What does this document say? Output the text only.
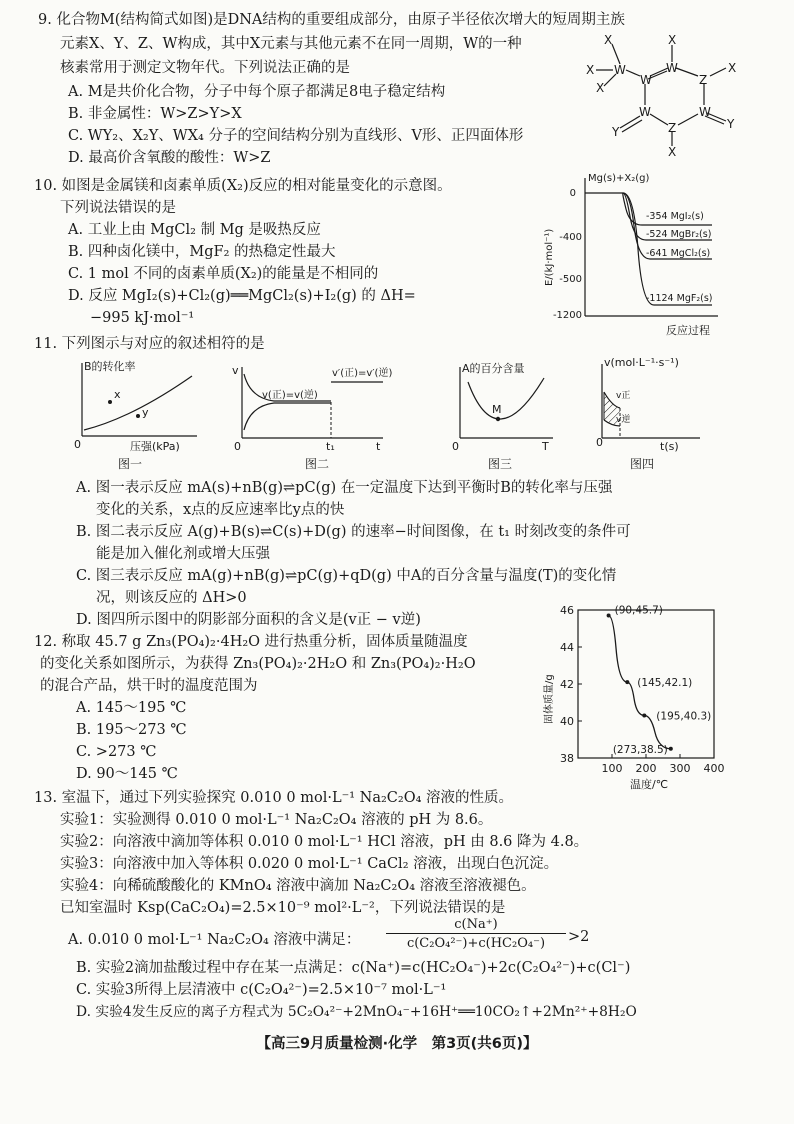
9. 化合物M(结构简式如图)是DNA结构的重要组成部分，由原子半径依次增大的短周期主族
元素X、Y、Z、W构成，其中X元素与其他元素不在同一周期，W的一种
核素常用于测定文物年代。下列说法正确的是
A. M是共价化合物，分子中每个原子都满足8电子稳定结构
B. 非金属性：W>Z>Y>X
C. WY₂、X₂Y、WX₄ 分子的空间结构分别为直线形、V形、正四面体形
D. 最高价含氧酸的酸性：W>Z
X
X
X
W
W
W
Z
Z
W	W
X
Y
Y
X
X
10. 如图是金属镁和卤素单质(X₂)反应的相对能量变化的示意图。
下列说法错误的是
A. 工业上由 MgCl₂ 制 Mg 是吸热反应
B. 四种卤化镁中，MgF₂ 的热稳定性最大
C. 1 mol 不同的卤素单质(X₂)的能量是不相同的
D. 反应 MgI₂(s)+Cl₂(g)══MgCl₂(s)+I₂(g) 的 ΔH=
−995 kJ·mol⁻¹
Mg(s)+X₂(g)
反应过程
E/(kJ·mol⁻¹)
0
-400
-500
-1200
-354 MgI₂(s)
-524 MgBr₂(s)
-641 MgCl₂(s)
-1124 MgF₂(s)
11. 下列图示与对应的叙述相符的是
B的转化率
x
y
0	压强(kPa)
图一
v
v(正)=v(逆)
v′(正)=v′(逆)
t₁	t
0
图二
A的百分含量
M
T
0
图三
v(mol·L⁻¹·s⁻¹)
v正
v逆
t(s)
0
图四
A. 图一表示反应 mA(s)+nB(g)⇌pC(g) 在一定温度下达到平衡时B的转化率与压强
变化的关系，x点的反应速率比y点的快
B. 图二表示反应 A(g)+B(s)⇌C(s)+D(g) 的速率−时间图像，在 t₁ 时刻改变的条件可
能是加入催化剂或增大压强
C. 图三表示反应 mA(g)+nB(g)⇌pC(g)+qD(g) 中A的百分含量与温度(T)的变化情
况，则该反应的 ΔH>0
D. 图四所示图中的阴影部分面积的含义是(v正 − v逆)
12. 称取 45.7 g Zn₃(PO₄)₂·4H₂O 进行热重分析，固体质量随温度
的变化关系如图所示，为获得 Zn₃(PO₄)₂·2H₂O 和 Zn₃(PO₄)₂·H₂O
的混合产品，烘干时的温度范围为
A. 145～195 ℃
B. 195～273 ℃
C. >273 ℃
D. 90～145 ℃
固体质量/g
温度/℃
100 200 300 400
38
40
42
44
46	(90,45.7)
(145,42.1)
(195,40.3)
(273,38.5)
13. 室温下，通过下列实验探究 0.010 0 mol·L⁻¹ Na₂C₂O₄ 溶液的性质。
实验1：实验测得 0.010 0 mol·L⁻¹ Na₂C₂O₄ 溶液的 pH 为 8.6。
实验2：向溶液中滴加等体积 0.010 0 mol·L⁻¹ HCl 溶液，pH 由 8.6 降为 4.8。
实验3：向溶液中加入等体积 0.020 0 mol·L⁻¹ CaCl₂ 溶液，出现白色沉淀。
实验4：向稀硫酸酸化的 KMnO₄ 溶液中滴加 Na₂C₂O₄ 溶液至溶液褪色。
已知室温时 Ksp(CaC₂O₄)=2.5×10⁻⁹ mol²·L⁻²，下列说法错误的是
A. 0.010 0 mol·L⁻¹ Na₂C₂O₄ 溶液中满足：
c(Na⁺)
c(C₂O₄²⁻)+c(HC₂O₄⁻)	>2
B. 实验2滴加盐酸过程中存在某一点满足：c(Na⁺)=c(HC₂O₄⁻)+2c(C₂O₄²⁻)+c(Cl⁻)
C. 实验3所得上层清液中 c(C₂O₄²⁻)=2.5×10⁻⁷ mol·L⁻¹
D. 实验4发生反应的离子方程式为 5C₂O₄²⁻+2MnO₄⁻+16H⁺══10CO₂↑+2Mn²⁺+8H₂O
【高三9月质量检测·化学　第3页(共6页)】
